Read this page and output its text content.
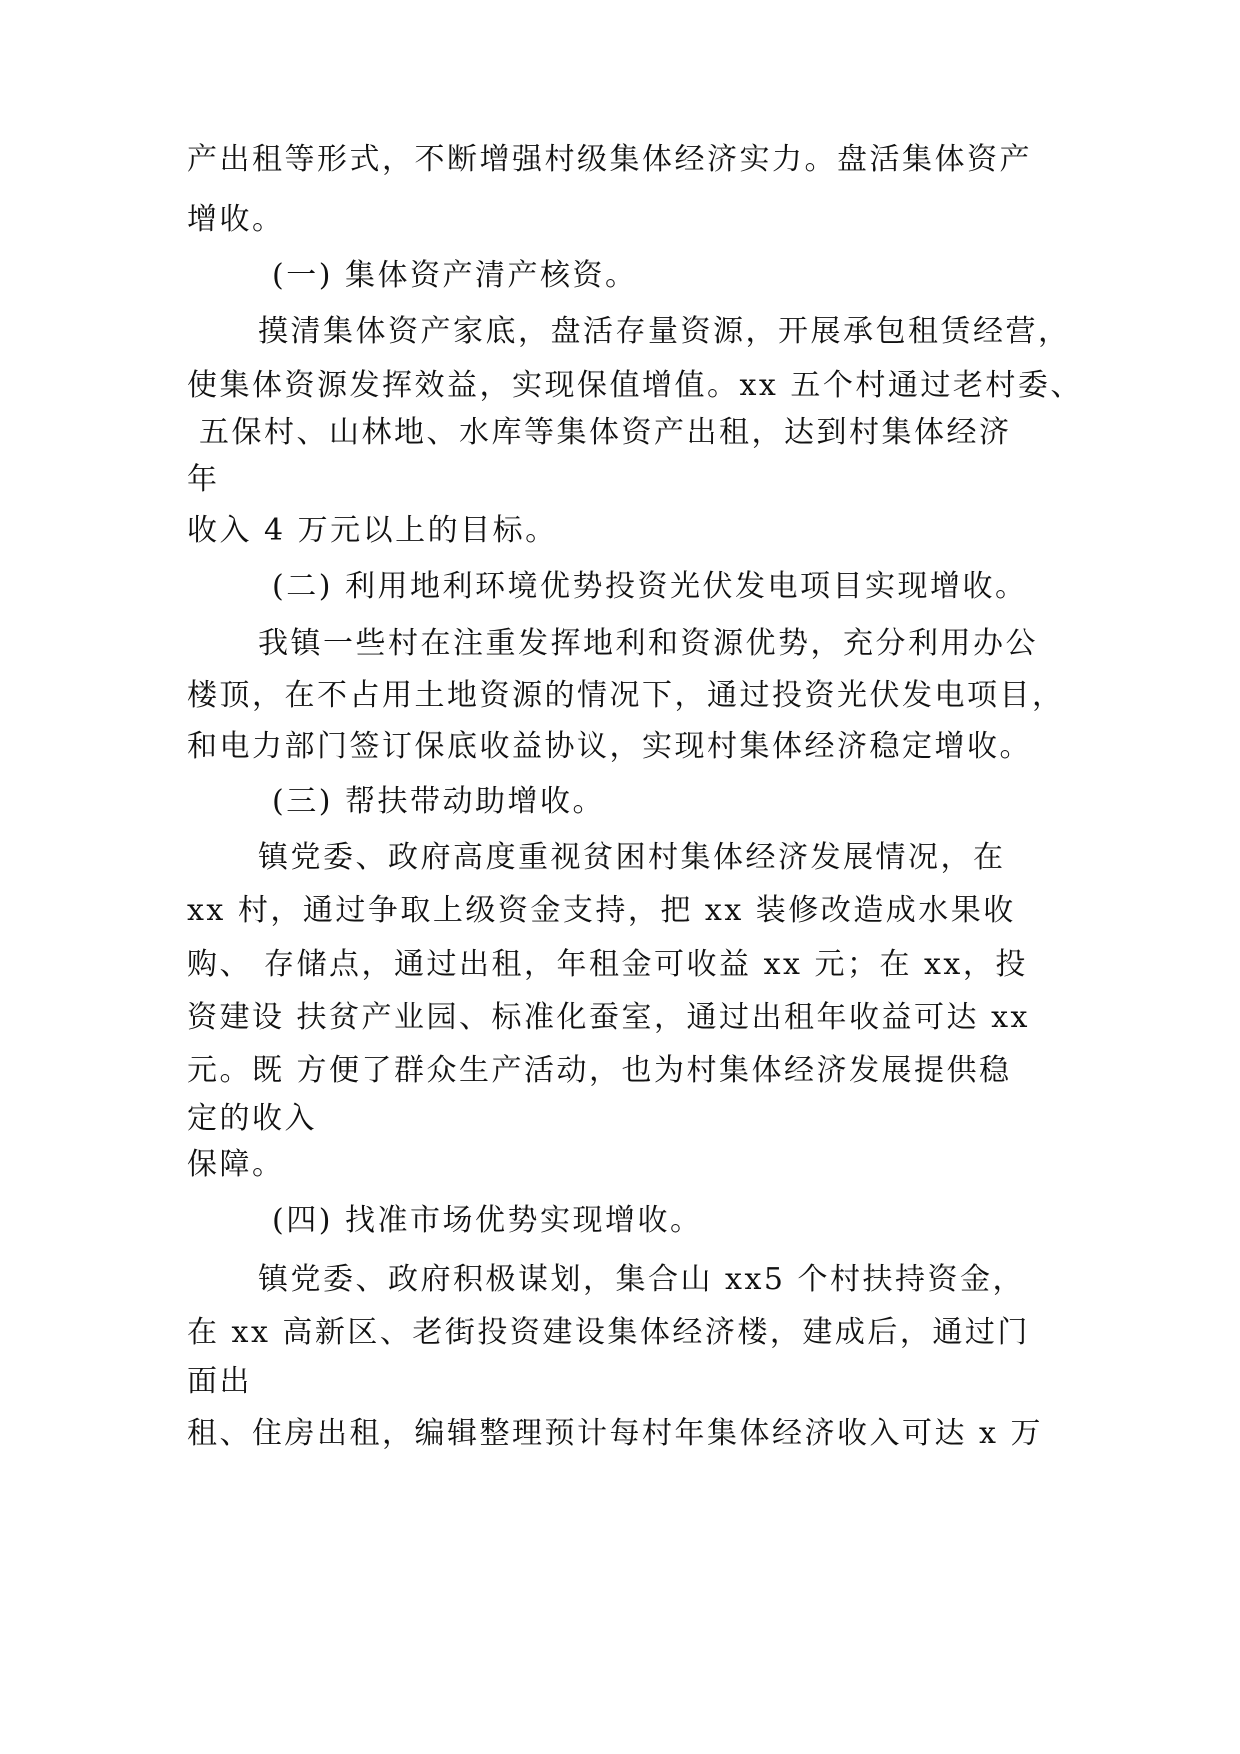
产出租等形式，不断增强村级集体经济实力。盘活集体资产
增收。
(一) 集体资产清产核资。
摸清集体资产家底，盘活存量资源，开展承包租赁经营，
使集体资源发挥效益，实现保值增值。xx 五个村通过老村委、
五保村、山林地、水库等集体资产出租，达到村集体经济
年
收入 4 万元以上的目标。
(二) 利用地利环境优势投资光伏发电项目实现增收。
我镇一些村在注重发挥地利和资源优势，充分利用办公
楼顶，在不占用土地资源的情况下，通过投资光伏发电项目，
和电力部门签订保底收益协议，实现村集体经济稳定增收。
(三) 帮扶带动助增收。
镇党委、政府高度重视贫困村集体经济发展情况，在
xx 村，通过争取上级资金支持，把 xx 装修改造成水果收
购、 存储点，通过出租，年租金可收益 xx 元；在 xx，投
资建设 扶贫产业园、标准化蚕室，通过出租年收益可达 xx
元。既 方便了群众生产活动，也为村集体经济发展提供稳
定的收入
保障。
(四) 找准市场优势实现增收。
镇党委、政府积极谋划，集合山 xx5 个村扶持资金，
在 xx 高新区、老街投资建设集体经济楼，建成后，通过门
面出
租、住房出租，编辑整理预计每村年集体经济收入可达 x 万
